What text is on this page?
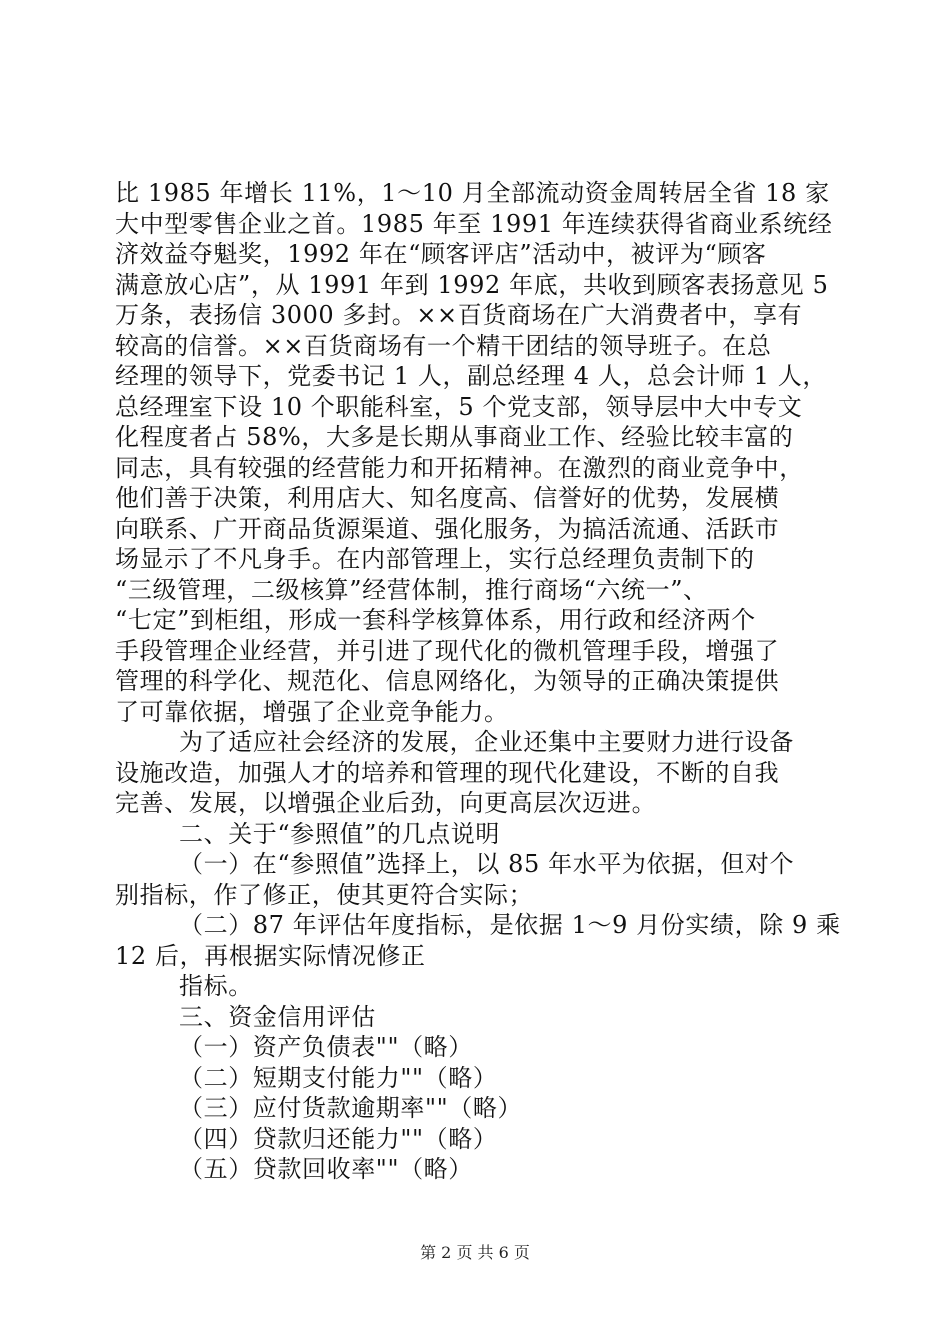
比 1985 年增长 11%，1～10 月全部流动资金周转居全省 18 家
大中型零售企业之首。1985 年至 1991 年连续获得省商业系统经
济效益夺魁奖，1992 年在“顾客评店”活动中，被评为“顾客
满意放心店”，从 1991 年到 1992 年底，共收到顾客表扬意见 5
万条，表扬信 3000 多封。××百货商场在广大消费者中，享有
较高的信誉。××百货商场有一个精干团结的领导班子。在总
经理的领导下，党委书记 1 人，副总经理 4 人，总会计师 1 人，
总经理室下设 10 个职能科室，5 个党支部，领导层中大中专文
化程度者占 58%，大多是长期从事商业工作、经验比较丰富的
同志，具有较强的经营能力和开拓精神。在激烈的商业竞争中，
他们善于决策，利用店大、知名度高、信誉好的优势，发展横
向联系、广开商品货源渠道、强化服务，为搞活流通、活跃市
场显示了不凡身手。在内部管理上，实行总经理负责制下的
“三级管理，二级核算”经营体制，推行商场“六统一”、
“七定”到柜组，形成一套科学核算体系，用行政和经济两个
手段管理企业经营，并引进了现代化的微机管理手段，增强了
管理的科学化、规范化、信息网络化，为领导的正确决策提供
了可靠依据，增强了企业竞争能力。
为了适应社会经济的发展，企业还集中主要财力进行设备
设施改造，加强人才的培养和管理的现代化建设，不断的自我
完善、发展，以增强企业后劲，向更高层次迈进。
二、关于“参照值”的几点说明
（一）在“参照值”选择上，以 85 年水平为依据，但对个
别指标，作了修正，使其更符合实际；
（二）87 年评估年度指标，是依据 1～9 月份实绩，除 9 乘
12 后，再根据实际情况修正
指标。
三、资金信用评估
（一）资产负债表""（略）
（二）短期支付能力""（略）
（三）应付货款逾期率""（略）
（四）贷款归还能力""（略）
（五）贷款回收率""（略）
第 2 页 共 6 页
